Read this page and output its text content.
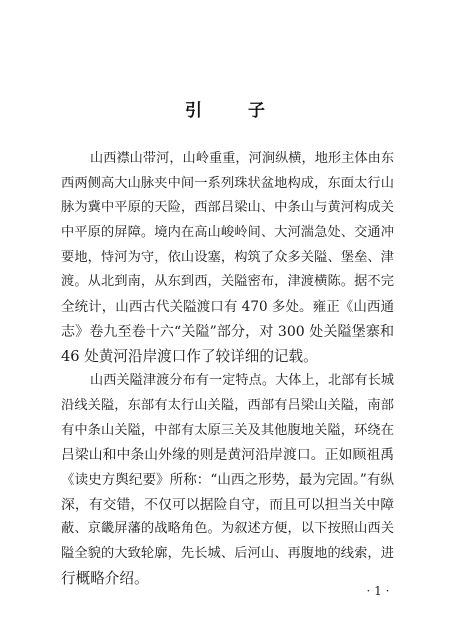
引 子
山西襟山带河，山岭重重，河涧纵横，地形主体由东
西两侧高大山脉夹中间一系列珠状盆地构成，东面太行山
脉为冀中平原的天险，西部吕梁山、中条山与黄河构成关
中平原的屏障。境内在高山峻岭间、大河湍急处、交通冲
要地，恃河为守，依山设塞，构筑了众多关隘、堡垒、津
渡。从北到南，从东到西，关隘密布，津渡横陈。据不完
全统计，山西古代关隘渡口有 470 多处。雍正《山西通
志》卷九至卷十六“关隘”部分，对 300 处关隘堡寨和
46 处黄河沿岸渡口作了较详细的记载。
山西关隘津渡分布有一定特点。大体上，北部有长城
沿线关隘，东部有太行山关隘，西部有吕梁山关隘，南部
有中条山关隘，中部有太原三关及其他腹地关隘，环绕在
吕梁山和中条山外缘的则是黄河沿岸渡口。正如顾祖禹
《读史方舆纪要》所称：“山西之形势，最为完固。”有纵
深，有交错，不仅可以据险自守，而且可以担当关中障
蔽、京畿屏藩的战略角色。为叙述方便，以下按照山西关
隘全貌的大致轮廓，先长城、后河山、再腹地的线索，进
行概略介绍。
· 1 ·
